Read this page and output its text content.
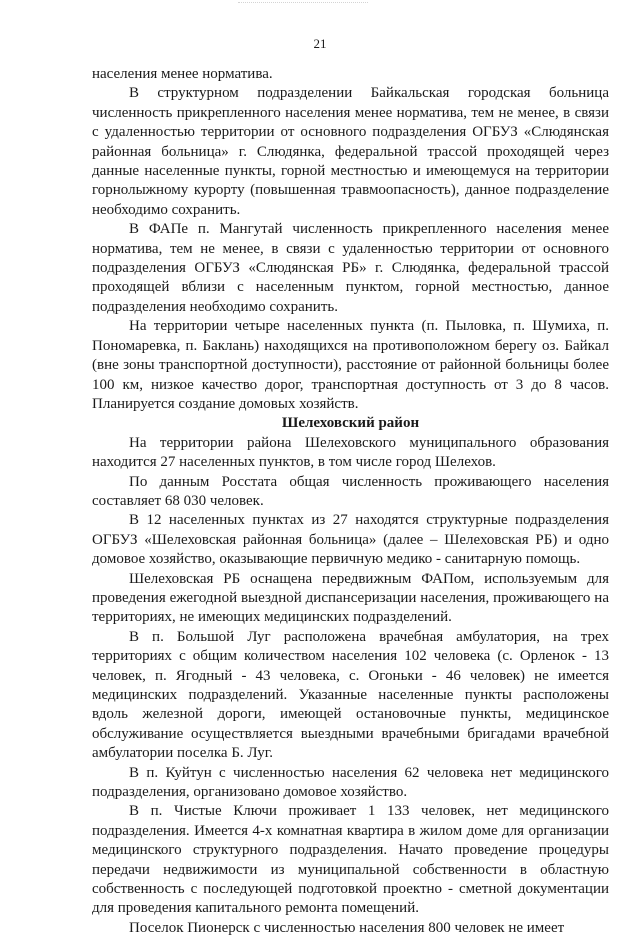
21

населения менее норматива.

В структурном подразделении Байкальская городская больница численность прикрепленного населения менее норматива, тем не менее, в связи с удаленностью территории от основного подразделения ОГБУЗ «Слюдянская районная больница» г. Слюдянка, федеральной трассой проходящей через данные населенные пункты, горной местностью и имеющемуся на территории горнолыжному курорту (повышенная травмоопасность), данное подразделение необходимо сохранить.

В ФАПе п. Мангутай численность прикрепленного населения менее норматива, тем не менее, в связи с удаленностью территории от основного подразделения ОГБУЗ «Слюдянская РБ» г. Слюдянка, федеральной трассой проходящей вблизи с населенным пунктом, горной местностью, данное подразделения необходимо сохранить.

На территории четыре населенных пункта (п. Пыловка, п. Шумиха, п. Пономаревка, п. Баклань) находящихся на противоположном берегу оз. Байкал (вне зоны транспортной доступности), расстояние от районной больницы более 100 км, низкое качество дорог, транспортная доступность от 3 до 8 часов. Планируется создание домовых хозяйств.

Шелеховский район

На территории района Шелеховского муниципального образования находится 27 населенных пунктов, в том числе город Шелехов.

По данным Росстата общая численность проживающего населения составляет 68 030 человек.

В 12 населенных пунктах из 27 находятся структурные подразделения ОГБУЗ «Шелеховская районная больница» (далее – Шелеховская РБ) и одно домовое хозяйство, оказывающие первичную медико - санитарную помощь.

Шелеховская РБ оснащена передвижным ФАПом, используемым для проведения ежегодной выездной диспансеризации населения, проживающего на территориях, не имеющих медицинских подразделений.

В п. Большой Луг расположена врачебная амбулатория, на трех территориях с общим количеством населения 102 человека (с. Орленок - 13 человек, п. Ягодный - 43 человека, с. Огоньки - 46 человек) не имеется медицинских подразделений. Указанные населенные пункты расположены вдоль железной дороги, имеющей остановочные пункты, медицинское обслуживание осуществляется выездными врачебными бригадами врачебной амбулатории поселка Б. Луг.

В п. Куйтун с численностью населения 62 человека нет медицинского подразделения, организовано домовое хозяйство.

В п. Чистые Ключи проживает 1 133 человек, нет медицинского подразделения. Имеется 4-х комнатная квартира в жилом доме для организации медицинского структурного подразделения. Начато проведение процедуры передачи недвижимости из муниципальной собственности в областную собственность с последующей подготовкой проектно - сметной документации для проведения капитального ремонта помещений.

Поселок Пионерск с численностью населения 800 человек не имеет
